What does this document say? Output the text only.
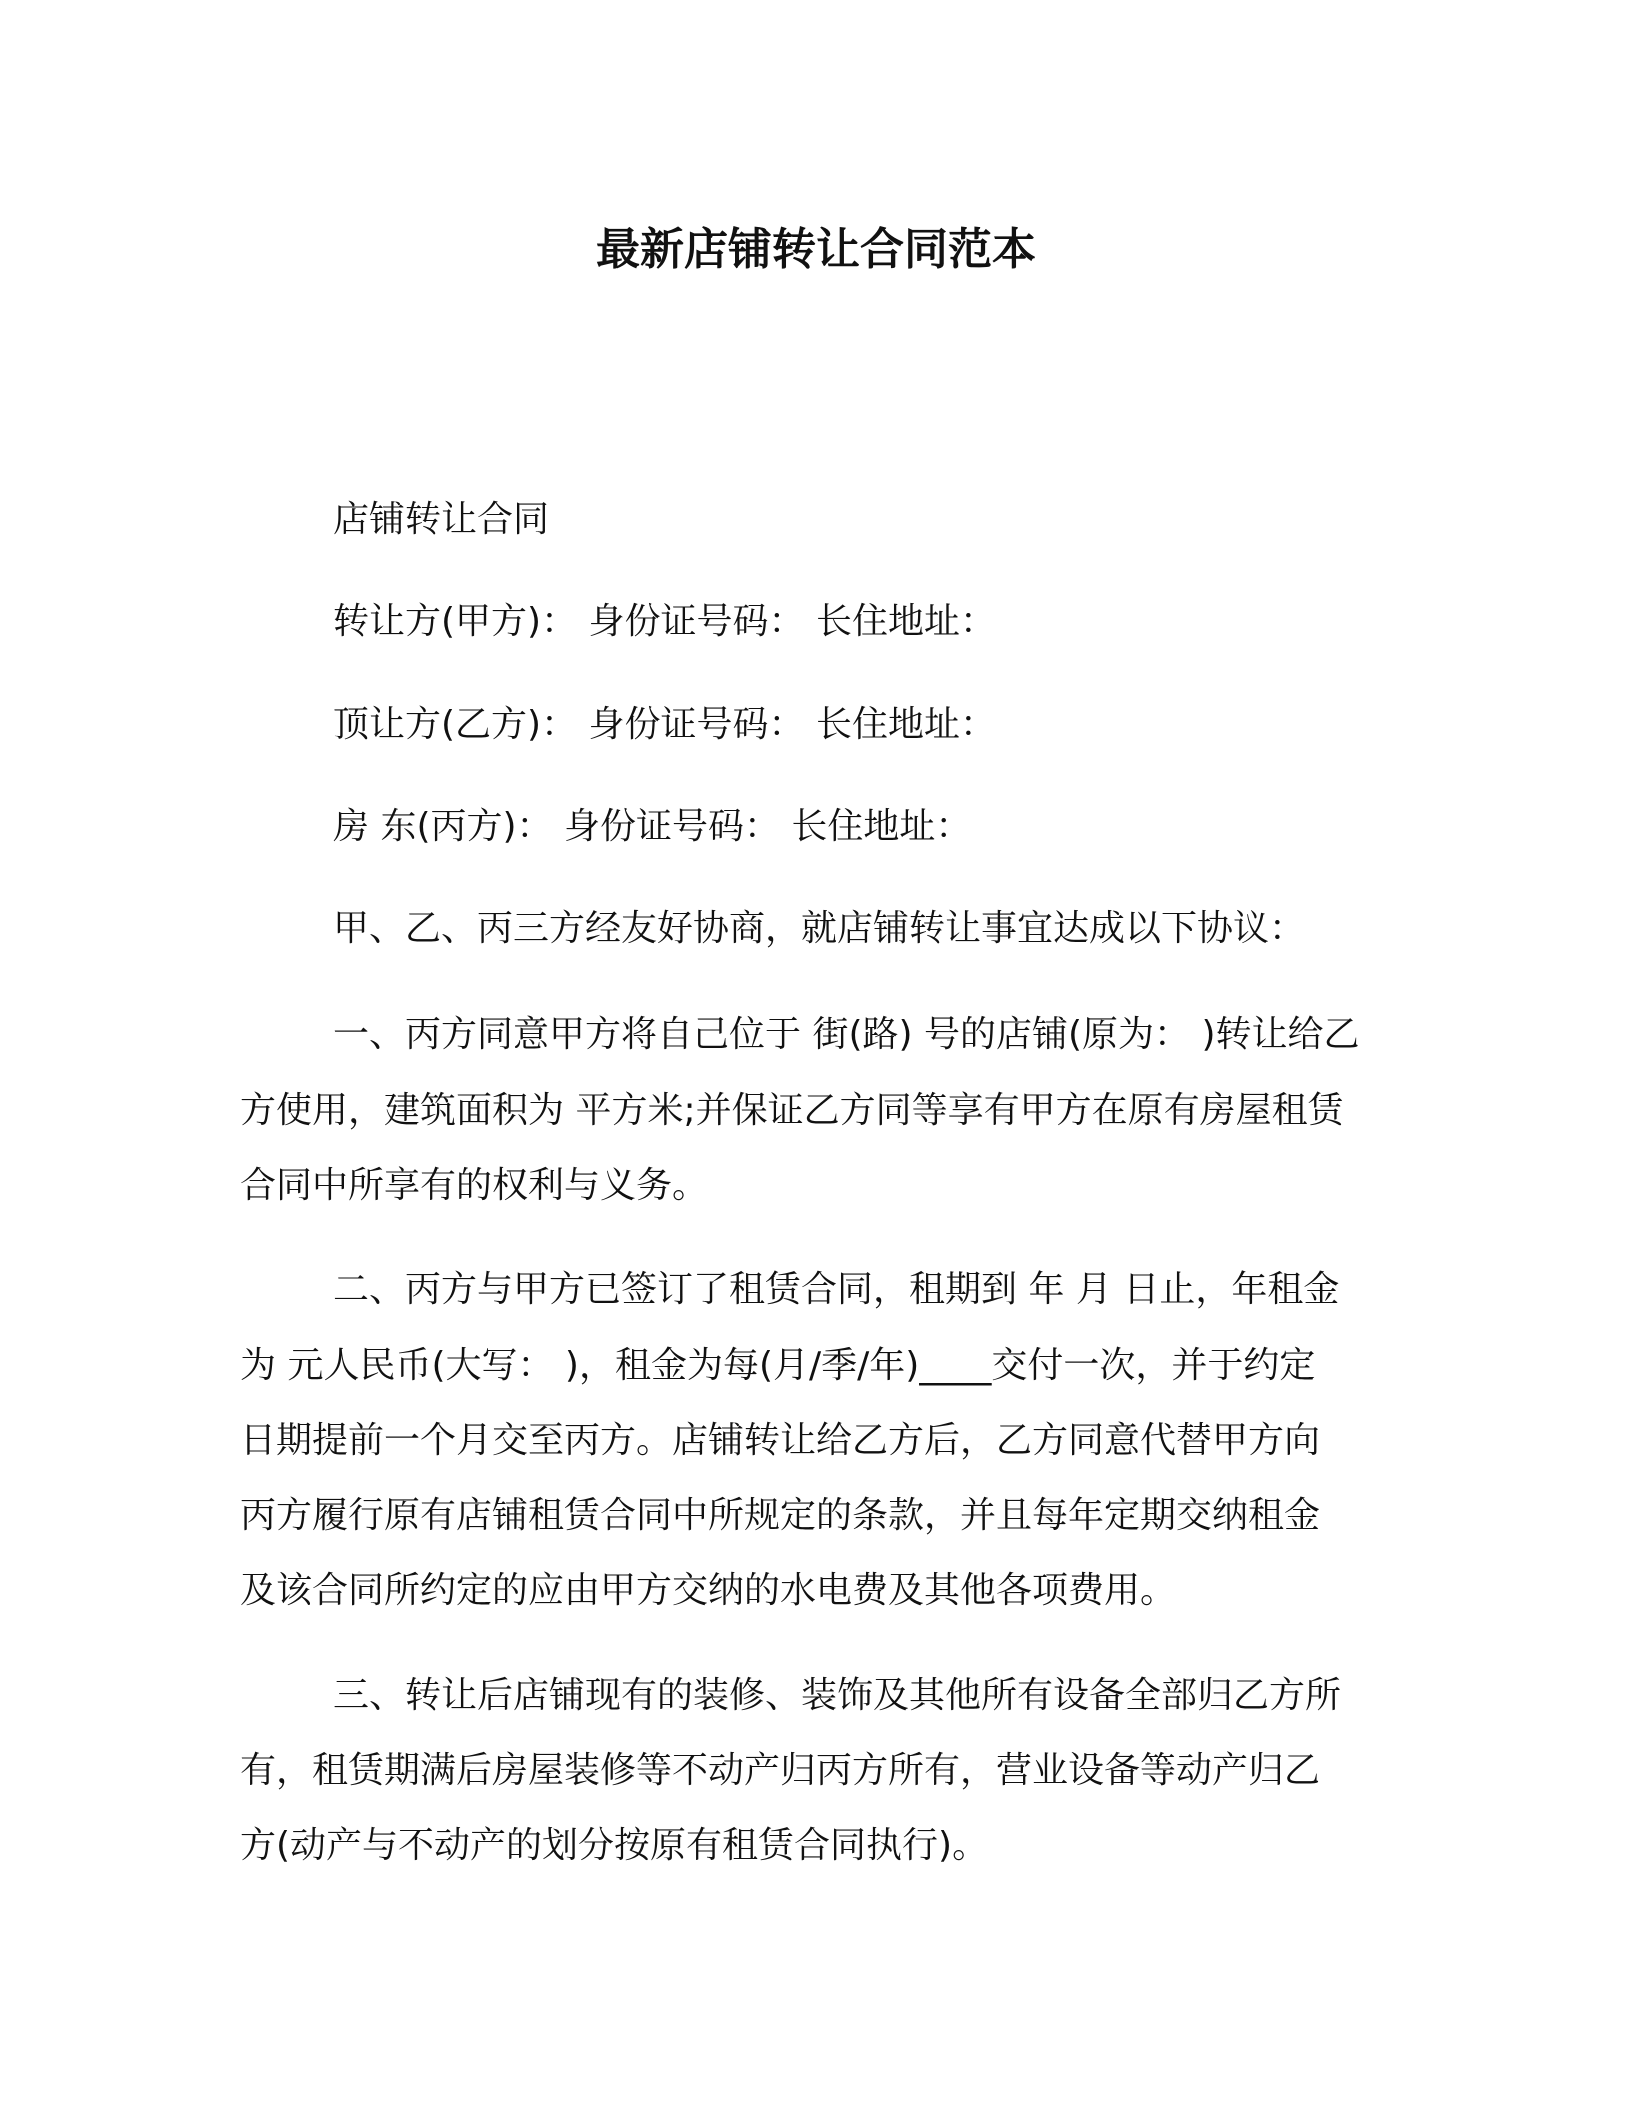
最新店铺转让合同范本
店铺转让合同
转让方(甲方)： 身份证号码： 长住地址：
顶让方(乙方)： 身份证号码： 长住地址：
房 东(丙方)： 身份证号码： 长住地址：
甲、乙、丙三方经友好协商，就店铺转让事宜达成以下协议：
一、丙方同意甲方将自己位于 街(路) 号的店铺(原为： )转让给乙
方使用，建筑面积为 平方米;并保证乙方同等享有甲方在原有房屋租赁
合同中所享有的权利与义务。
二、丙方与甲方已签订了租赁合同，租期到 年 月 日止，年租金
为 元人民币(大写： )，租金为每(月/季/年)____交付一次，并于约定
日期提前一个月交至丙方。店铺转让给乙方后，乙方同意代替甲方向
丙方履行原有店铺租赁合同中所规定的条款，并且每年定期交纳租金
及该合同所约定的应由甲方交纳的水电费及其他各项费用。
三、转让后店铺现有的装修、装饰及其他所有设备全部归乙方所
有，租赁期满后房屋装修等不动产归丙方所有，营业设备等动产归乙
方(动产与不动产的划分按原有租赁合同执行)。
